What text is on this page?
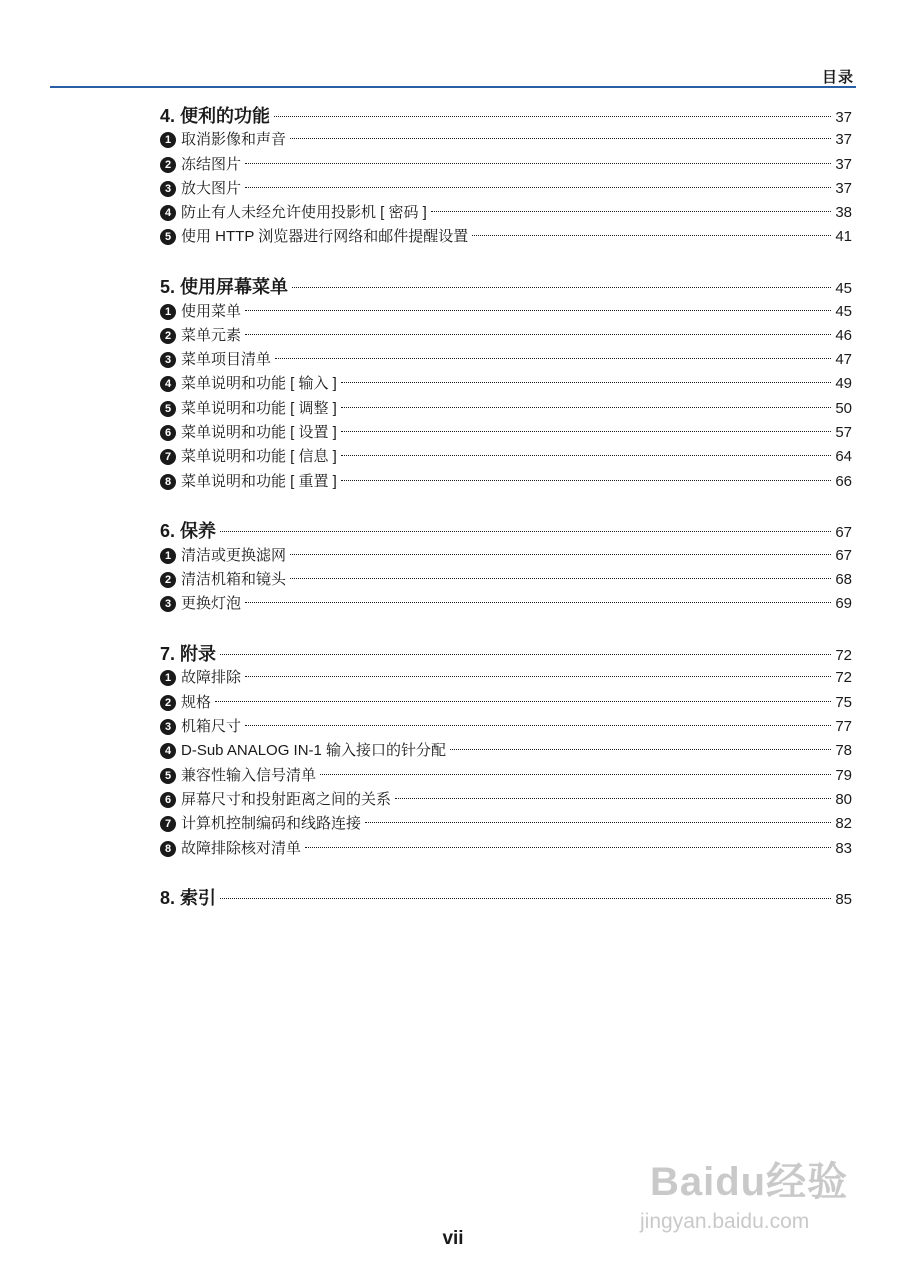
目录
4. 便利的功能	37
1 取消影像和声音	37
2 冻结图片	37
3 放大图片	37
4 防止有人未经允许使用投影机 [ 密码 ]	38
5 使用 HTTP 浏览器进行网络和邮件提醒设置	41
5. 使用屏幕菜单	45
1 使用菜单	45
2 菜单元素	46
3 菜单项目清单	47
4 菜单说明和功能 [ 输入 ]	49
5 菜单说明和功能 [ 调整 ]	50
6 菜单说明和功能 [ 设置 ]	57
7 菜单说明和功能 [ 信息 ]	64
8 菜单说明和功能 [ 重置 ]	66
6. 保养	67
1 清洁或更换滤网	67
2 清洁机箱和镜头	68
3 更换灯泡	69
7. 附录	72
1 故障排除	72
2 规格	75
3 机箱尺寸	77
4 D-Sub ANALOG IN-1 输入接口的针分配	78
5 兼容性输入信号清单	79
6 屏幕尺寸和投射距离之间的关系	80
7 计算机控制编码和线路连接	82
8 故障排除核对清单	83
8. 索引	85
vii
Baidu经验
jingyan.baidu.com
